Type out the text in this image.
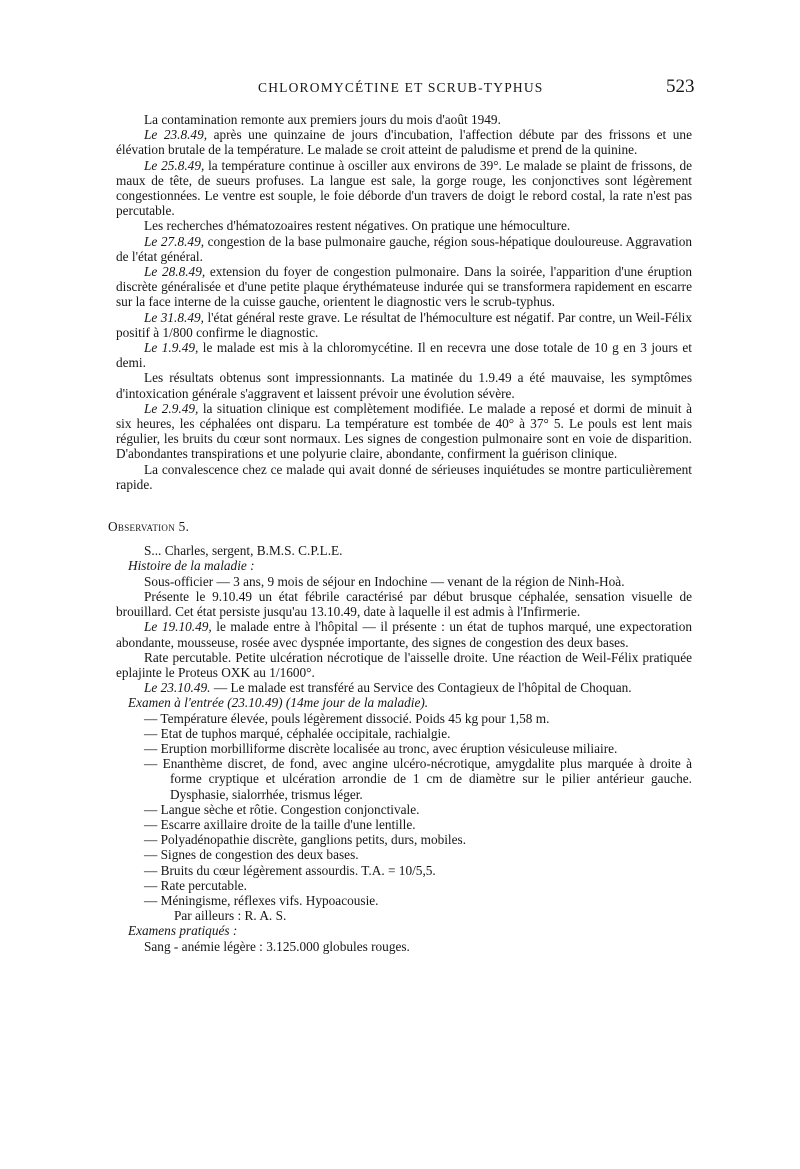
CHLOROMYCÉTINE ET SCRUB-TYPHUS	523

La contamination remonte aux premiers jours du mois d'août 1949.

Le 23.8.49, après une quinzaine de jours d'incubation, l'affection débute par des frissons et une élévation brutale de la température. Le malade se croit atteint de paludisme et prend de la quinine.

Le 25.8.49, la température continue à osciller aux environs de 39°. Le malade se plaint de frissons, de maux de tête, de sueurs profuses. La langue est sale, la gorge rouge, les conjonctives sont légèrement congestionnées. Le ventre est souple, le foie déborde d'un travers de doigt le rebord costal, la rate n'est pas percutable.

Les recherches d'hématozoaires restent négatives. On pratique une hémoculture.

Le 27.8.49, congestion de la base pulmonaire gauche, région sous-hépatique douloureuse. Aggravation de l'état général.

Le 28.8.49, extension du foyer de congestion pulmonaire. Dans la soirée, l'apparition d'une éruption discrète généralisée et d'une petite plaque érythémateuse indurée qui se transformera rapidement en escarre sur la face interne de la cuisse gauche, orientent le diagnostic vers le scrub-typhus.

Le 31.8.49, l'état général reste grave. Le résultat de l'hémoculture est négatif. Par contre, un Weil-Félix positif à 1/800 confirme le diagnostic.

Le 1.9.49, le malade est mis à la chloromycétine. Il en recevra une dose totale de 10 g en 3 jours et demi.

Les résultats obtenus sont impressionnants. La matinée du 1.9.49 a été mauvaise, les symptômes d'intoxication générale s'aggravent et laissent prévoir une évolution sévère.

Le 2.9.49, la situation clinique est complètement modifiée. Le malade a reposé et dormi de minuit à six heures, les céphalées ont disparu. La température est tombée de 40° à 37° 5. Le pouls est lent mais régulier, les bruits du cœur sont normaux. Les signes de congestion pulmonaire sont en voie de disparition. D'abondantes transpirations et une polyurie claire, abondante, confirment la guérison clinique.

La convalescence chez ce malade qui avait donné de sérieuses inquiétudes se montre particulièrement rapide.

Observation 5.

S... Charles, sergent, B.M.S. C.P.L.E.

Histoire de la maladie :

Sous-officier — 3 ans, 9 mois de séjour en Indochine — venant de la région de Ninh-Hoà.

Présente le 9.10.49 un état fébrile caractérisé par début brusque céphalée, sensation visuelle de brouillard. Cet état persiste jusqu'au 13.10.49, date à laquelle il est admis à l'Infirmerie.

Le 19.10.49, le malade entre à l'hôpital — il présente : un état de tuphos marqué, une expectoration abondante, mousseuse, rosée avec dyspnée importante, des signes de congestion des deux bases.

Rate percutable. Petite ulcération nécrotique de l'aisselle droite. Une réaction de Weil-Félix pratiquée eplajinte le Proteus OXK au 1/1600°.

Le 23.10.49. — Le malade est transféré au Service des Contagieux de l'hôpital de Choquan.

Examen à l'entrée (23.10.49) (14me jour de la maladie).

— Température élevée, pouls légèrement dissocié. Poids 45 kg pour 1,58 m.

— Etat de tuphos marqué, céphalée occipitale, rachialgie.

— Eruption morbilliforme discrète localisée au tronc, avec éruption vésiculeuse miliaire.

— Enanthème discret, de fond, avec angine ulcéro-nécrotique, amygdalite plus marquée à droite à forme cryptique et ulcération arrondie de 1 cm de diamètre sur le pilier antérieur gauche. Dysphasie, sialorrhée, trismus léger.

— Langue sèche et rôtie. Congestion conjonctivale.

— Escarre axillaire droite de la taille d'une lentille.

— Polyadénopathie discrète, ganglions petits, durs, mobiles.

— Signes de congestion des deux bases.

— Bruits du cœur légèrement assourdis. T.A. = 10/5,5.

— Rate percutable.

— Méningisme, réflexes vifs. Hypoacousie.

Par ailleurs : R. A. S.

Examens pratiqués :

Sang - anémie légère : 3.125.000 globules rouges.
